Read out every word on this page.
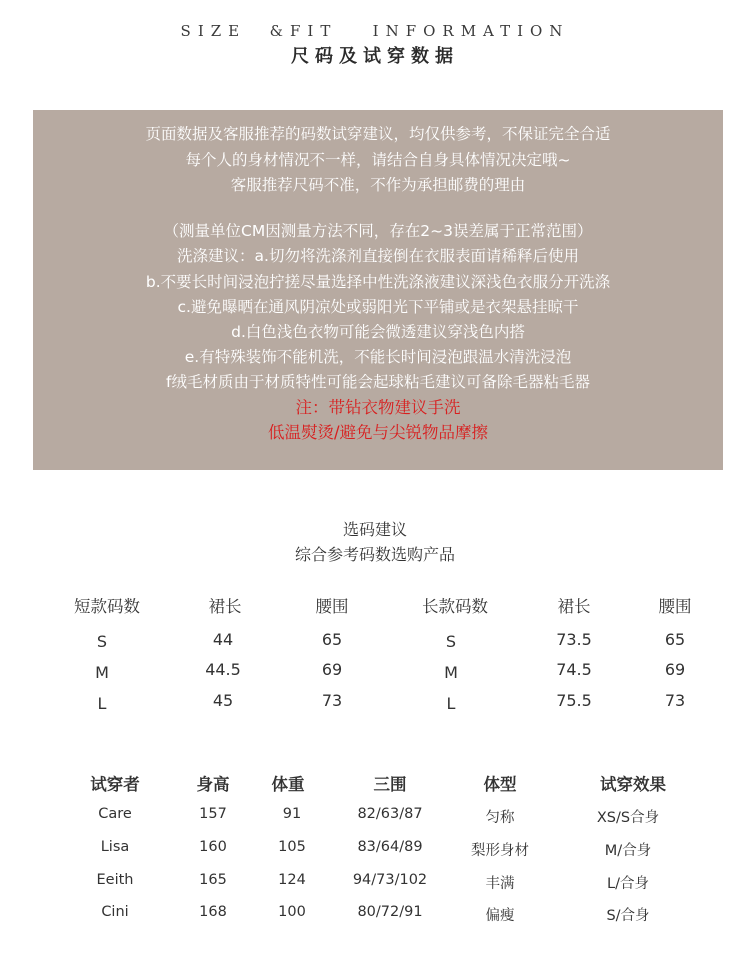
SIZE  &FIT   INFORMATION
尺码及试穿数据
页面数据及客服推荐的码数试穿建议，均仅供参考，不保证完全合适
每个人的身材情况不一样，请结合自身具体情况决定哦~
客服推荐尺码不准，不作为承担邮费的理由
（测量单位CM因测量方法不同，存在2~3误差属于正常范围）
洗涤建议：a.切勿将洗涤剂直接倒在衣服表面请稀释后使用
b.不要长时间浸泡拧搓尽量选择中性洗涤液建议深浅色衣服分开洗涤
c.避免曝晒在通风阴凉处或弱阳光下平铺或是衣架悬挂晾干
d.白色浅色衣物可能会微透建议穿浅色内搭
e.有特殊装饰不能机洗，不能长时间浸泡跟温水清洗浸泡
f绒毛材质由于材质特性可能会起球粘毛建议可备除毛器粘毛器
注：带钻衣物建议手洗
低温熨烫/避免与尖锐物品摩擦
选码建议
综合参考码数选购产品
短款码数	裙长	腰围	长款码数	裙长	腰围
S	44	65	S	73.5	65
M	44.5	69	M	74.5	69
L	45	73	L	75.5	73
试穿者	身高	体重	三围	体型	试穿效果
Care	157	91	82/63/87	匀称	XS/S合身
Lisa	160	105	83/64/89	梨形身材	M/合身
Eeith	165	124	94/73/102	丰满	L/合身
Cini	168	100	80/72/91	偏瘦	S/合身
